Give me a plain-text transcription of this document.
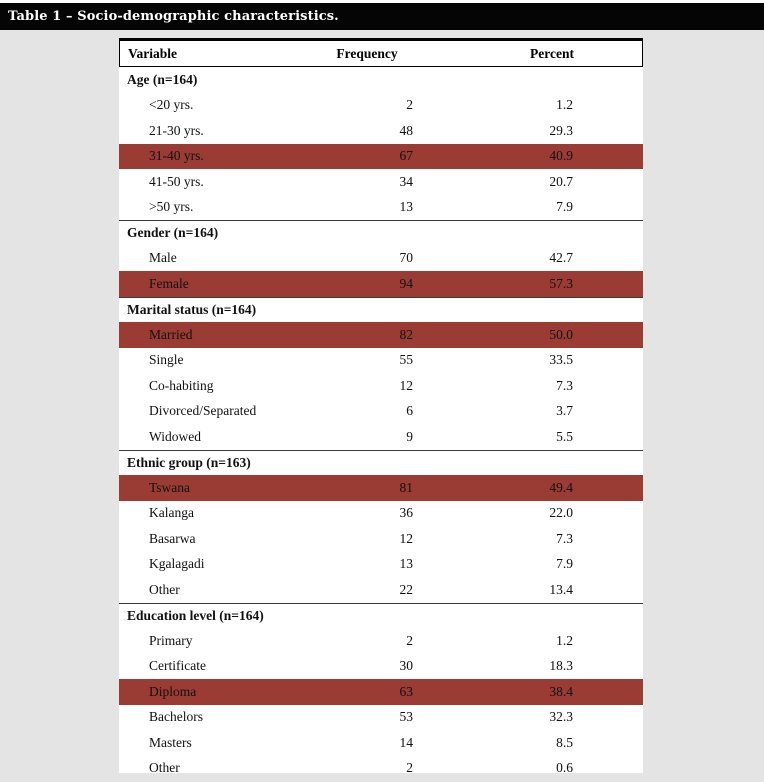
Table 1 – Socio-demographic characteristics.
Variable	Frequency	Percent
Age (n=164)
<20 yrs.	2	1.2
21-30 yrs.	48	29.3
31-40 yrs.	67	40.9
41-50 yrs.	34	20.7
>50 yrs.	13	7.9
Gender (n=164)
Male	70	42.7
Female	94	57.3
Marital status (n=164)
Married	82	50.0
Single	55	33.5
Co-habiting	12	7.3
Divorced/Separated	6	3.7
Widowed	9	5.5
Ethnic group (n=163)
Tswana	81	49.4
Kalanga	36	22.0
Basarwa	12	7.3
Kgalagadi	13	7.9
Other	22	13.4
Education level (n=164)
Primary	2	1.2
Certificate	30	18.3
Diploma	63	38.4
Bachelors	53	32.3
Masters	14	8.5
Other	2	0.6
